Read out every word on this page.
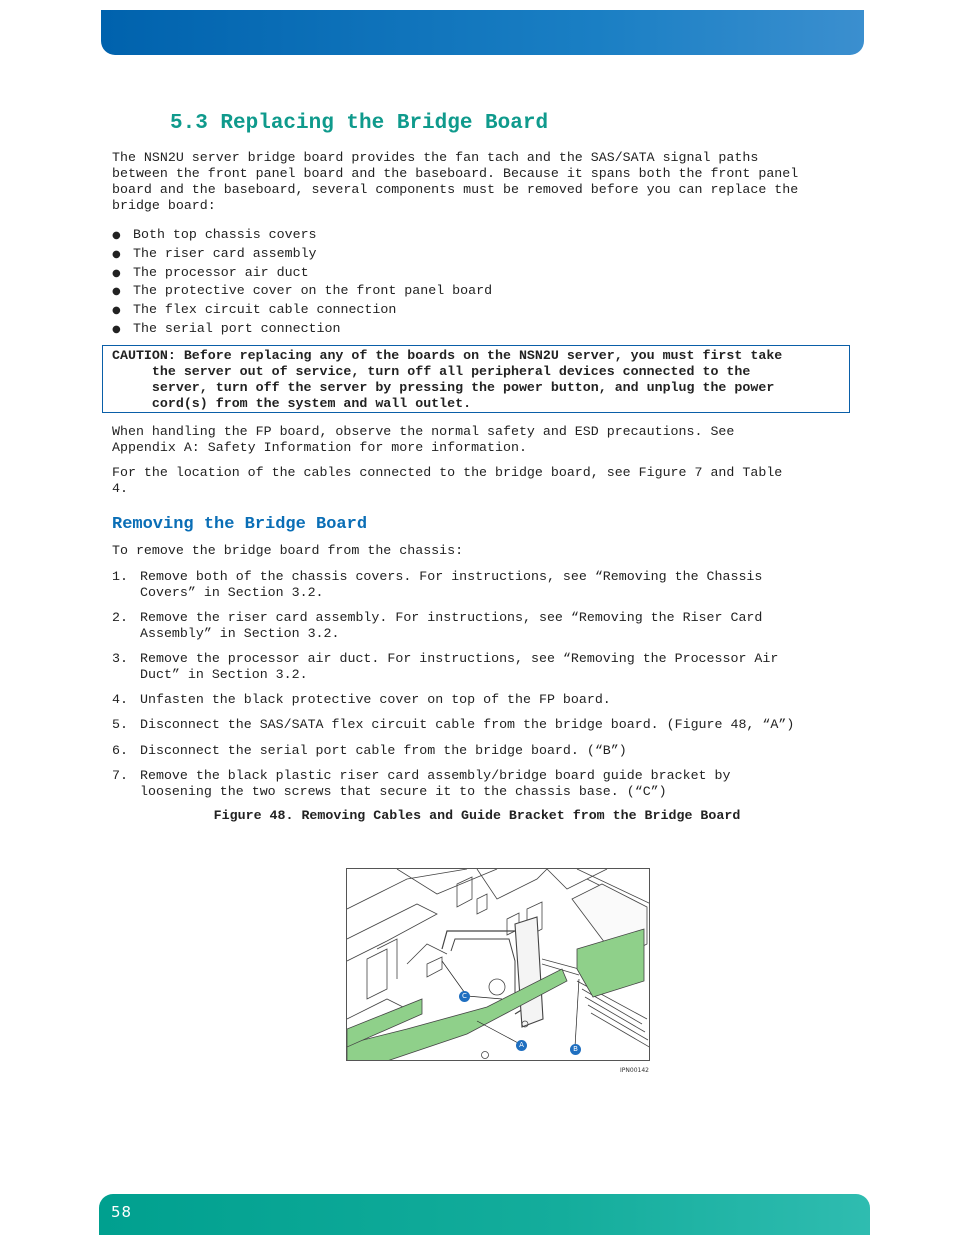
5.3 Replacing the Bridge Board

The NSN2U server bridge board provides the fan tach and the SAS/SATA signal paths
between the front panel board and the baseboard. Because it spans both the front panel
board and the baseboard, several components must be removed before you can replace the
bridge board:

● Both top chassis covers
● The riser card assembly
● The processor air duct
● The protective cover on the front panel board
● The flex circuit cable connection
● The serial port connection
CAUTION: Before replacing any of the boards on the NSN2U server, you must first take
the server out of service, turn off all peripheral devices connected to the
server, turn off the server by pressing the power button, and unplug the power
cord(s) from the system and wall outlet.

When handling the FP board, observe the normal safety and ESD precautions. See
Appendix A: Safety Information for more information.

For the location of the cables connected to the bridge board, see Figure 7 and Table
4.

Removing the Bridge Board

To remove the bridge board from the chassis:

1. Remove both of the chassis covers. For instructions, see “Removing the Chassis
Covers” in Section 3.2.
2. Remove the riser card assembly. For instructions, see “Removing the Riser Card
Assembly” in Section 3.2.
3. Remove the processor air duct. For instructions, see “Removing the Processor Air
Duct” in Section 3.2.
4. Unfasten the black protective cover on top of the FP board.
5. Disconnect the SAS/SATA flex circuit cable from the bridge board. (Figure 48, “A”)
6. Disconnect the serial port cable from the bridge board. (“B”)
7. Remove the black plastic riser card assembly/bridge board guide bracket by
loosening the two screws that secure it to the chassis base. (“C”)
Figure 48. Removing Cables and Guide Bracket from the Bridge Board
C
A	B
IPN00142
58
